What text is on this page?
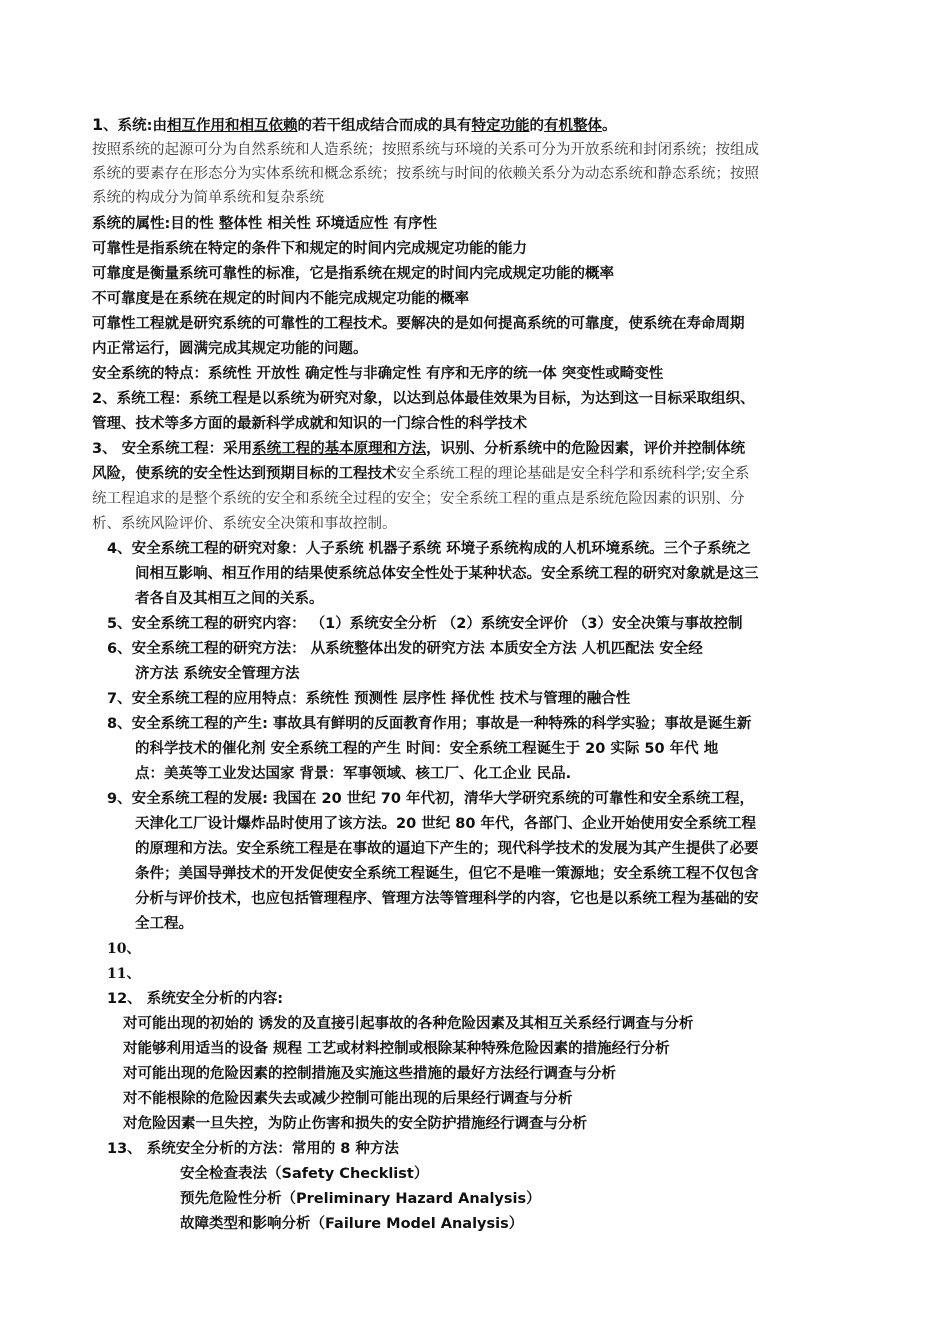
1、系统:由相互作用和相互依赖的若干组成结合而成的具有特定功能的有机整体。
按照系统的起源可分为自然系统和人造系统；按照系统与环境的关系可分为开放系统和封闭系统；按组成
系统的要素存在形态分为实体系统和概念系统；按系统与时间的依赖关系分为动态系统和静态系统；按照
系统的构成分为简单系统和复杂系统
系统的属性:目的性 整体性 相关性 环境适应性 有序性
可靠性是指系统在特定的条件下和规定的时间内完成规定功能的能力
可靠度是衡量系统可靠性的标准，它是指系统在规定的时间内完成规定功能的概率
不可靠度是在系统在规定的时间内不能完成规定功能的概率
可靠性工程就是研究系统的可靠性的工程技术。要解决的是如何提高系统的可靠度，使系统在寿命周期
内正常运行，圆满完成其规定功能的问题。
安全系统的特点：系统性 开放性 确定性与非确定性 有序和无序的统一体 突变性或畸变性
2、系统工程：系统工程是以系统为研究对象，以达到总体最佳效果为目标，为达到这一目标采取组织、
管理、技术等多方面的最新科学成就和知识的一门综合性的科学技术
3、 安全系统工程：采用系统工程的基本原理和方法，识别、分析系统中的危险因素，评价并控制体统
风险，使系统的安全性达到预期目标的工程技术安全系统工程的理论基础是安全科学和系统科学;安全系
统工程追求的是整个系统的安全和系统全过程的安全；安全系统工程的重点是系统危险因素的识别、分
析、系统风险评价、系统安全决策和事故控制。
4、安全系统工程的研究对象：人子系统 机器子系统 环境子系统构成的人机环境系统。三个子系统之
间相互影响、相互作用的结果使系统总体安全性处于某种状态。安全系统工程的研究对象就是这三
者各自及其相互之间的关系。
5、安全系统工程的研究内容： （1）系统安全分析 （2）系统安全评价 （3）安全决策与事故控制
6、安全系统工程的研究方法： 从系统整体出发的研究方法 本质安全方法 人机匹配法 安全经
济方法 系统安全管理方法
7、安全系统工程的应用特点：系统性 预测性 层序性 择优性 技术与管理的融合性
8、安全系统工程的产生: 事故具有鲜明的反面教育作用；事故是一种特殊的科学实验；事故是诞生新
的科学技术的催化剂 安全系统工程的产生 时间：安全系统工程诞生于 20 实际 50 年代 地
点：美英等工业发达国家 背景：军事领域、核工厂、化工企业 民品.
9、安全系统工程的发展: 我国在 20 世纪 70 年代初，清华大学研究系统的可靠性和安全系统工程，
天津化工厂设计爆炸品时使用了该方法。20 世纪 80 年代，各部门、企业开始使用安全系统工程
的原理和方法。安全系统工程是在事故的逼迫下产生的；现代科学技术的发展为其产生提供了必要
条件；美国导弹技术的开发促使安全系统工程诞生，但它不是唯一策源地；安全系统工程不仅包含
分析与评价技术，也应包括管理程序、管理方法等管理科学的内容，它也是以系统工程为基础的安
全工程。
10、
11、
12、 系统安全分析的内容:
对可能出现的初始的 诱发的及直接引起事故的各种危险因素及其相互关系经行调查与分析
对能够利用适当的设备 规程 工艺或材料控制或根除某种特殊危险因素的措施经行分析
对可能出现的危险因素的控制措施及实施这些措施的最好方法经行调查与分析
对不能根除的危险因素失去或减少控制可能出现的后果经行调查与分析
对危险因素一旦失控，为防止伤害和损失的安全防护措施经行调查与分析
13、 系统安全分析的方法：常用的 8 种方法
安全检查表法（Safety Checklist）
预先危险性分析（Preliminary Hazard Analysis）
故障类型和影响分析（Failure Model Analysis）
